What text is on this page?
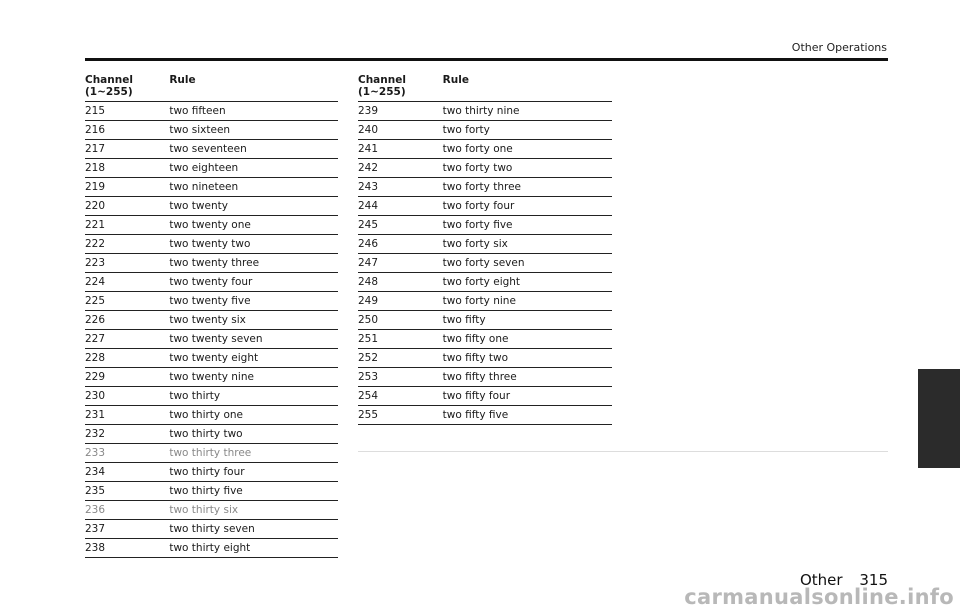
Other Operations
Channel
(1~255)	Rule
215	two fifteen
216	two sixteen
217	two seventeen
218	two eighteen
219	two nineteen
220	two twenty
221	two twenty one
222	two twenty two
223	two twenty three
224	two twenty four
225	two twenty five
226	two twenty six
227	two twenty seven
228	two twenty eight
229	two twenty nine
230	two thirty
231	two thirty one
232	two thirty two
233	two thirty three
234	two thirty four
235	two thirty five
236	two thirty six
237	two thirty seven
238	two thirty eight
Channel
(1~255)	Rule
239	two thirty nine
240	two forty
241	two forty one
242	two forty two
243	two forty three
244	two forty four
245	two forty five
246	two forty six
247	two forty seven
248	two forty eight
249	two forty nine
250	two fifty
251	two fifty one
252	two fifty two
253	two fifty three
254	two fifty four
255	two fifty five
Other 315
carmanualsonline.info
